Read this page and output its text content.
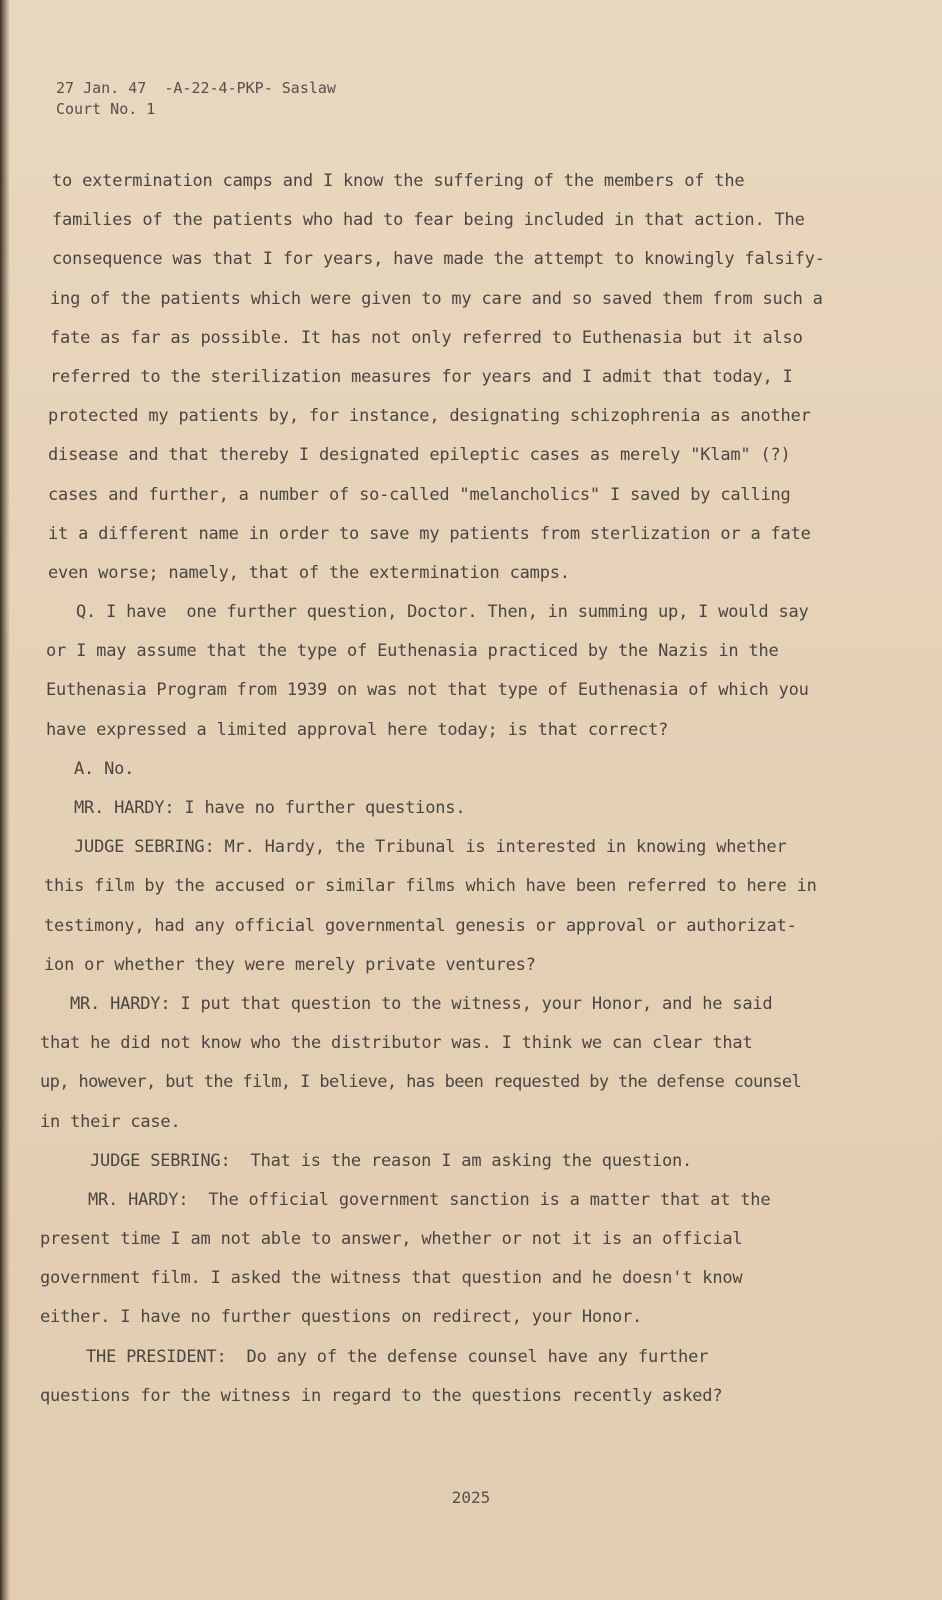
27 Jan. 47  -A-22-4-PKP- Saslaw
Court No. 1
to extermination camps and I know the suffering of the members of the
families of the patients who had to fear being included in that action. The
consequence was that I for years, have made the attempt to knowingly falsify-
ing of the patients which were given to my care and so saved them from such a
fate as far as possible. It has not only referred to Euthenasia but it also
referred to the sterilization measures for years and I admit that today, I
protected my patients by, for instance, designating schizophrenia as another
disease and that thereby I designated epileptic cases as merely "Klam" (?)
cases and further, a number of so-called "melancholics" I saved by calling
it a different name in order to save my patients from sterlization or a fate
even worse; namely, that of the extermination camps.
Q. I have  one further question, Doctor. Then, in summing up, I would say
or I may assume that the type of Euthenasia practiced by the Nazis in the
Euthenasia Program from 1939 on was not that type of Euthenasia of which you
have expressed a limited approval here today; is that correct?
A. No.
MR. HARDY: I have no further questions.
JUDGE SEBRING: Mr. Hardy, the Tribunal is interested in knowing whether
this film by the accused or similar films which have been referred to here in
testimony, had any official governmental genesis or approval or authorizat-
ion or whether they were merely private ventures?
MR. HARDY: I put that question to the witness, your Honor, and he said
that he did not know who the distributor was. I think we can clear that
up, however, but the film, I believe, has been requested by the defense counsel
in their case.
JUDGE SEBRING:  That is the reason I am asking the question.
MR. HARDY:  The official government sanction is a matter that at the
present time I am not able to answer, whether or not it is an official
government film. I asked the witness that question and he doesn't know
either. I have no further questions on redirect, your Honor.
THE PRESIDENT:  Do any of the defense counsel have any further
questions for the witness in regard to the questions recently asked?
2025
